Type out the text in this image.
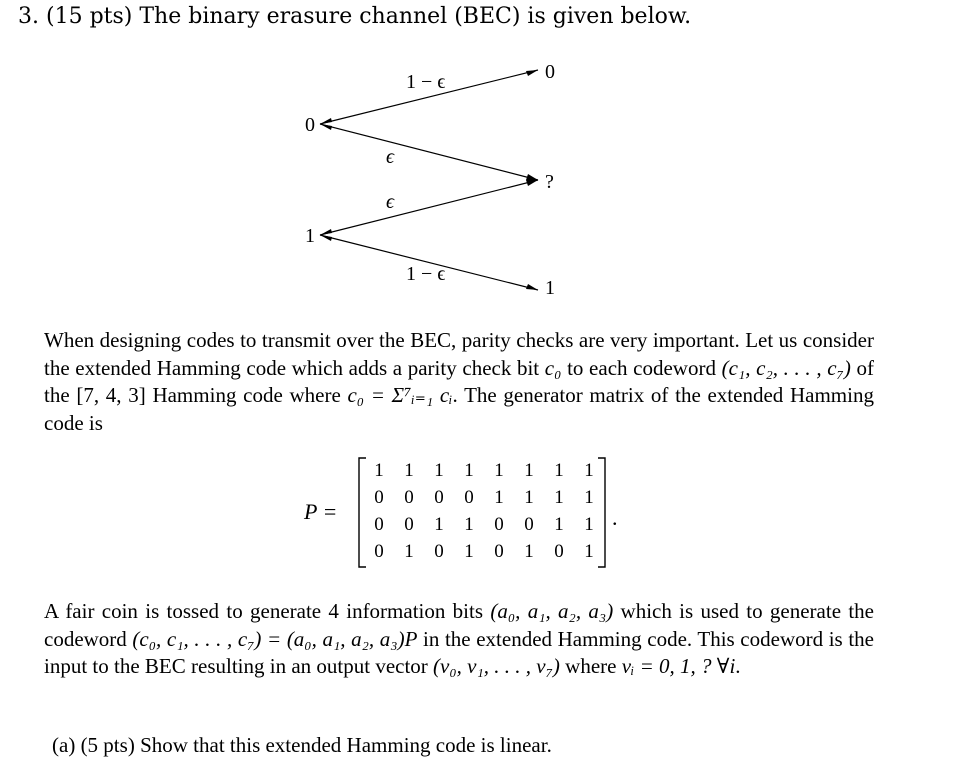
3. (15 pts) The binary erasure channel (BEC) is given below.
0
1
0
?
1
1 − ϵ
ϵ
ϵ
1 − ϵ
When designing codes to transmit over the BEC, parity checks are very important. Let us consider the extended Hamming code which adds a parity check bit c₀ to each codeword (c₁, c₂, . . . , c₇) of the [7, 4, 3] Hamming code where c₀ = Σ⁷ᵢ₌₁ cᵢ. The generator matrix of the extended Hamming code is
P =
1	1	1	1	1	1	1	1
0	0	0	0	1	1	1	1
0	0	1	1	0	0	1	1
0	1	0	1	0	1	0	1
.
A fair coin is tossed to generate 4 information bits (a₀, a₁, a₂, a₃) which is used to generate the codeword (c₀, c₁, . . . , c₇) = (a₀, a₁, a₂, a₃)P in the extended Hamming code. This codeword is the input to the BEC resulting in an output vector (v₀, v₁, . . . , v₇) where vᵢ = 0, 1, ? ∀i.
(a) (5 pts) Show that this extended Hamming code is linear.
